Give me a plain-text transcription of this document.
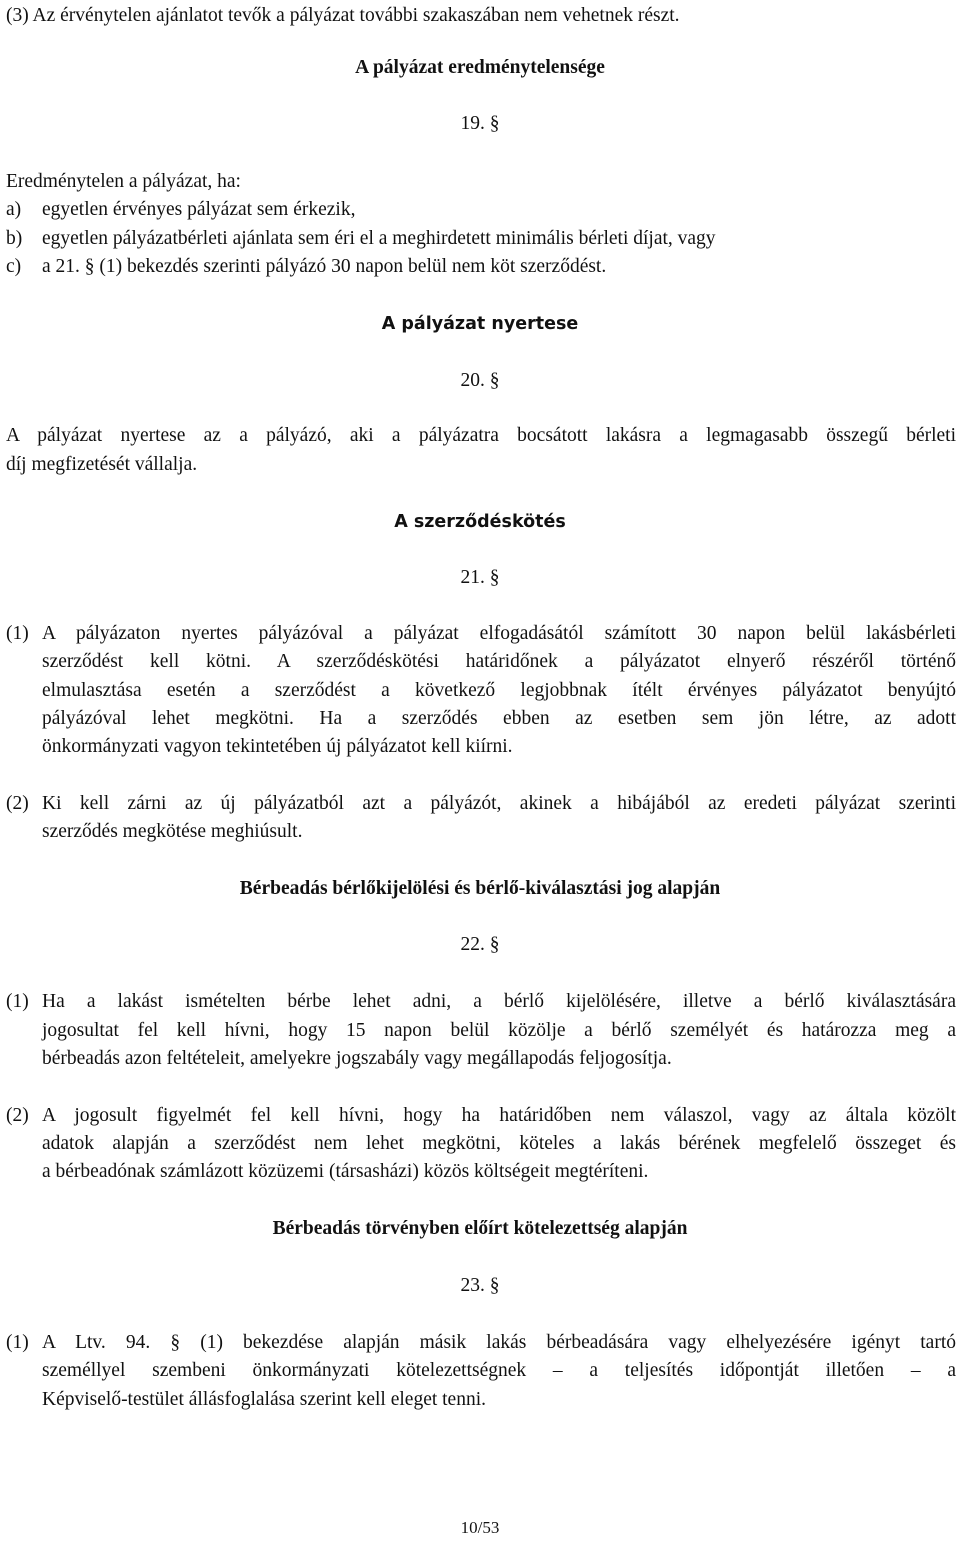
(3) Az érvénytelen ajánlatot tevők a pályázat további szakaszában nem vehetnek részt.
A pályázat eredménytelensége
19. §
Eredménytelen a pályázat, ha:
a) egyetlen érvényes pályázat sem érkezik,
b) egyetlen pályázatbérleti ajánlata sem éri el a meghirdetett minimális bérleti díjat, vagy
c) a 21. § (1) bekezdés szerinti pályázó 30 napon belül nem köt szerződést.
A pályázat nyertese
20. §
A pályázat nyertese az a pályázó, aki a pályázatra bocsátott lakásra a legmagasabb összegű bérleti
díj megfizetését vállalja.
A szerződéskötés
21. §
(1) A pályázaton nyertes pályázóval a pályázat elfogadásától számított 30 napon belül lakásbérleti
szerződést kell kötni. A szerződéskötési határidőnek a pályázatot elnyerő részéről történő
elmulasztása esetén a szerződést a következő legjobbnak ítélt érvényes pályázatot benyújtó
pályázóval lehet megkötni. Ha a szerződés ebben az esetben sem jön létre, az adott
önkormányzati vagyon tekintetében új pályázatot kell kiírni.
(2) Ki kell zárni az új pályázatból azt a pályázót, akinek a hibájából az eredeti pályázat szerinti
szerződés megkötése meghiúsult.
Bérbeadás bérlőkijelölési és bérlő-kiválasztási jog alapján
22. §
(1) Ha a lakást ismételten bérbe lehet adni, a bérlő kijelölésére, illetve a bérlő kiválasztására
jogosultat fel kell hívni, hogy 15 napon belül közölje a bérlő személyét és határozza meg a
bérbeadás azon feltételeit, amelyekre jogszabály vagy megállapodás feljogosítja.
(2) A jogosult figyelmét fel kell hívni, hogy ha határidőben nem válaszol, vagy az általa közölt
adatok alapján a szerződést nem lehet megkötni, köteles a lakás bérének megfelelő összeget és
a bérbeadónak számlázott közüzemi (társasházi) közös költségeit megtéríteni.
Bérbeadás törvényben előírt kötelezettség alapján
23. §
(1) A Ltv. 94. § (1) bekezdése alapján másik lakás bérbeadására vagy elhelyezésére igényt tartó
személlyel szembeni önkormányzati kötelezettségnek – a teljesítés időpontját illetően – a
Képviselő-testület állásfoglalása szerint kell eleget tenni.
10/53
